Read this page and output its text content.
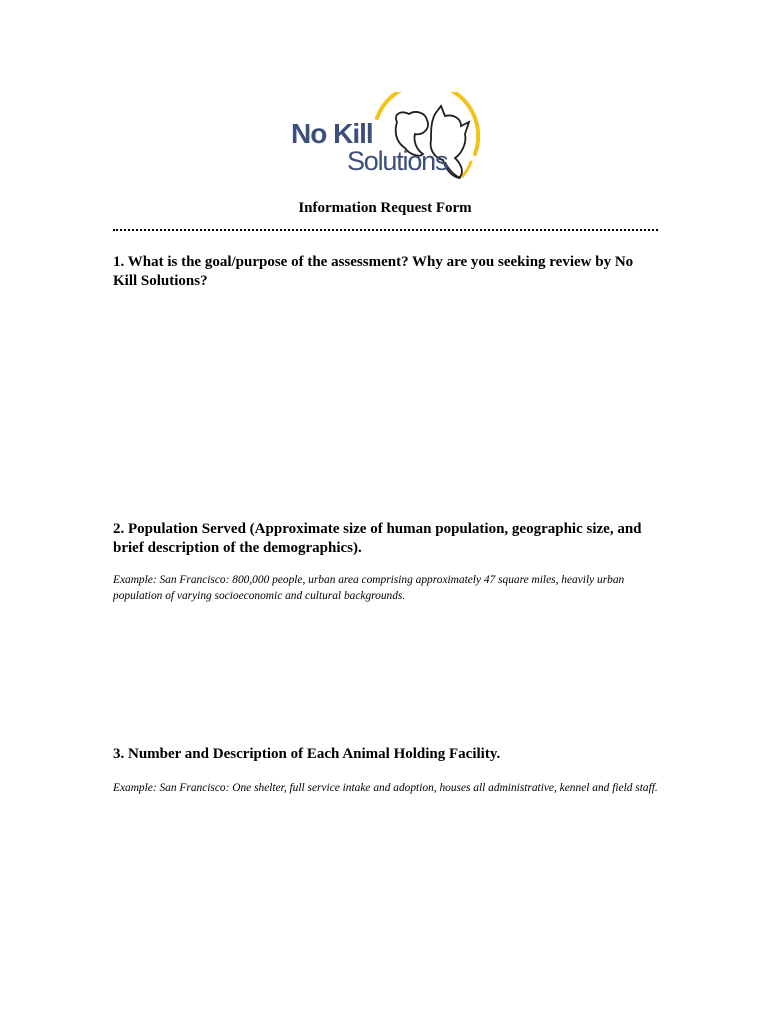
No Kill
Solutions
Information Request Form
1. What is the goal/purpose of the assessment? Why are you seeking review by No Kill Solutions?
2. Population Served (Approximate size of human population, geographic size, and brief description of the demographics).
Example: San Francisco: 800,000 people, urban area comprising approximately 47 square miles, heavily urban population of varying socioeconomic and cultural backgrounds.
3. Number and Description of Each Animal Holding Facility.
Example: San Francisco: One shelter, full service intake and adoption, houses all administrative, kennel and field staff.
